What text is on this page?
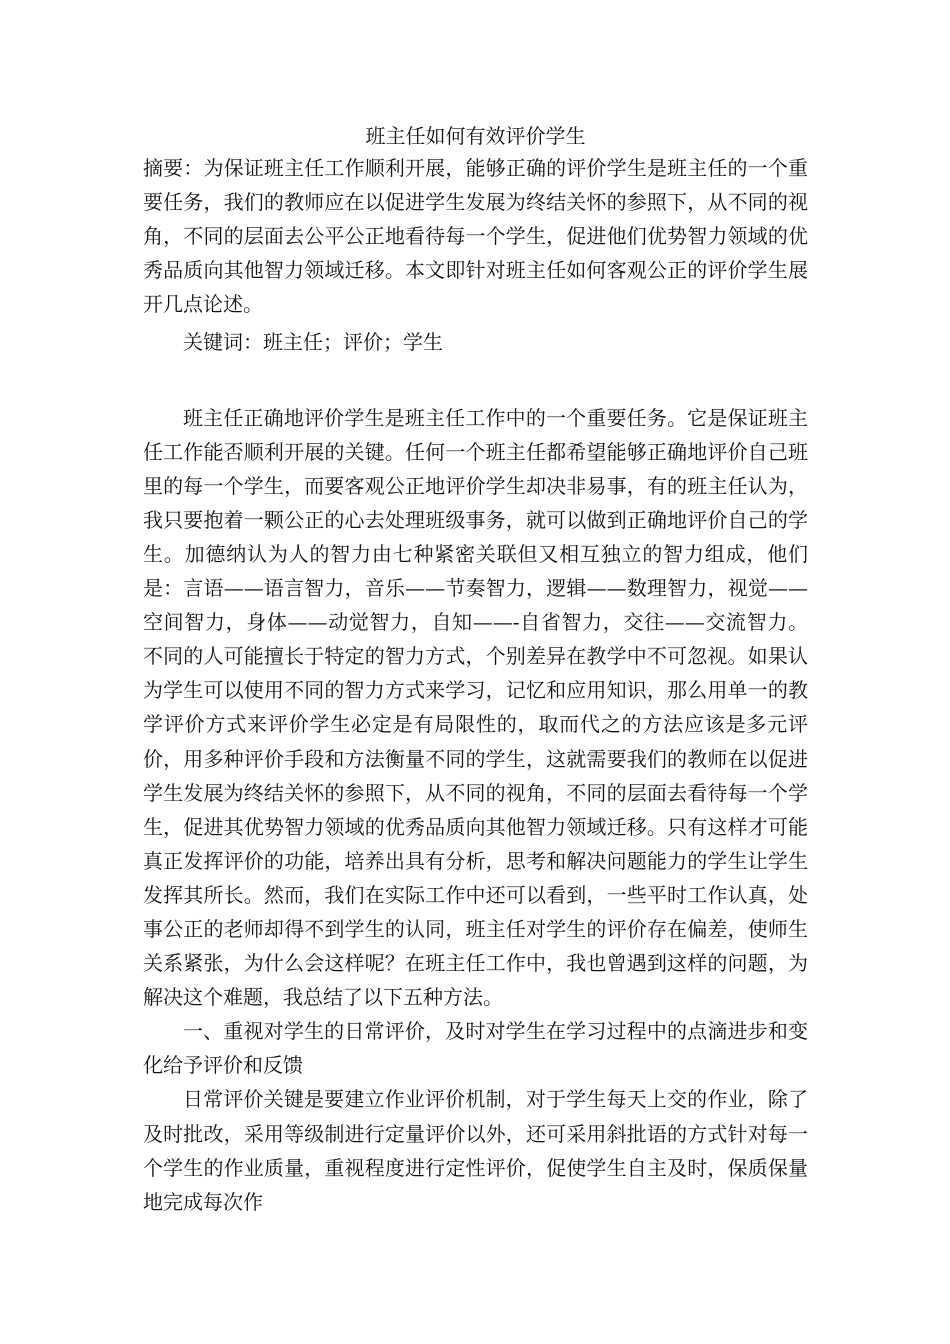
班主任如何有效评价学生

摘要：为保证班主任工作顺利开展，能够正确的评价学生是班主任的一个重要任务，我们的教师应在以促进学生发展为终结关怀的参照下，从不同的视角，不同的层面去公平公正地看待每一个学生，促进他们优势智力领域的优秀品质向其他智力领域迁移。本文即针对班主任如何客观公正的评价学生展开几点论述。

关键词：班主任；评价；学生

班主任正确地评价学生是班主任工作中的一个重要任务。它是保证班主任工作能否顺利开展的关键。任何一个班主任都希望能够正确地评价自己班里的每一个学生，而要客观公正地评价学生却决非易事，有的班主任认为，我只要抱着一颗公正的心去处理班级事务，就可以做到正确地评价自己的学生。加德纳认为人的智力由七种紧密关联但又相互独立的智力组成，他们是：言语——语言智力，音乐——节奏智力，逻辑——数理智力，视觉——空间智力，身体——动觉智力，自知——-自省智力，交往——交流智力。不同的人可能擅长于特定的智力方式，个别差异在教学中不可忽视。如果认为学生可以使用不同的智力方式来学习，记忆和应用知识，那么用单一的教学评价方式来评价学生必定是有局限性的，取而代之的方法应该是多元评价，用多种评价手段和方法衡量不同的学生，这就需要我们的教师在以促进学生发展为终结关怀的参照下，从不同的视角，不同的层面去看待每一个学生，促进其优势智力领域的优秀品质向其他智力领域迁移。只有这样才可能真正发挥评价的功能，培养出具有分析，思考和解决问题能力的学生让学生发挥其所长。然而，我们在实际工作中还可以看到，一些平时工作认真，处事公正的老师却得不到学生的认同，班主任对学生的评价存在偏差，使师生关系紧张，为什么会这样呢？在班主任工作中，我也曾遇到这样的问题，为解决这个难题，我总结了以下五种方法。

一、重视对学生的日常评价，及时对学生在学习过程中的点滴进步和变化给予评价和反馈

日常评价关键是要建立作业评价机制，对于学生每天上交的作业，除了及时批改，采用等级制进行定量评价以外，还可采用斜批语的方式针对每一个学生的作业质量，重视程度进行定性评价，促使学生自主及时，保质保量地完成每次作
